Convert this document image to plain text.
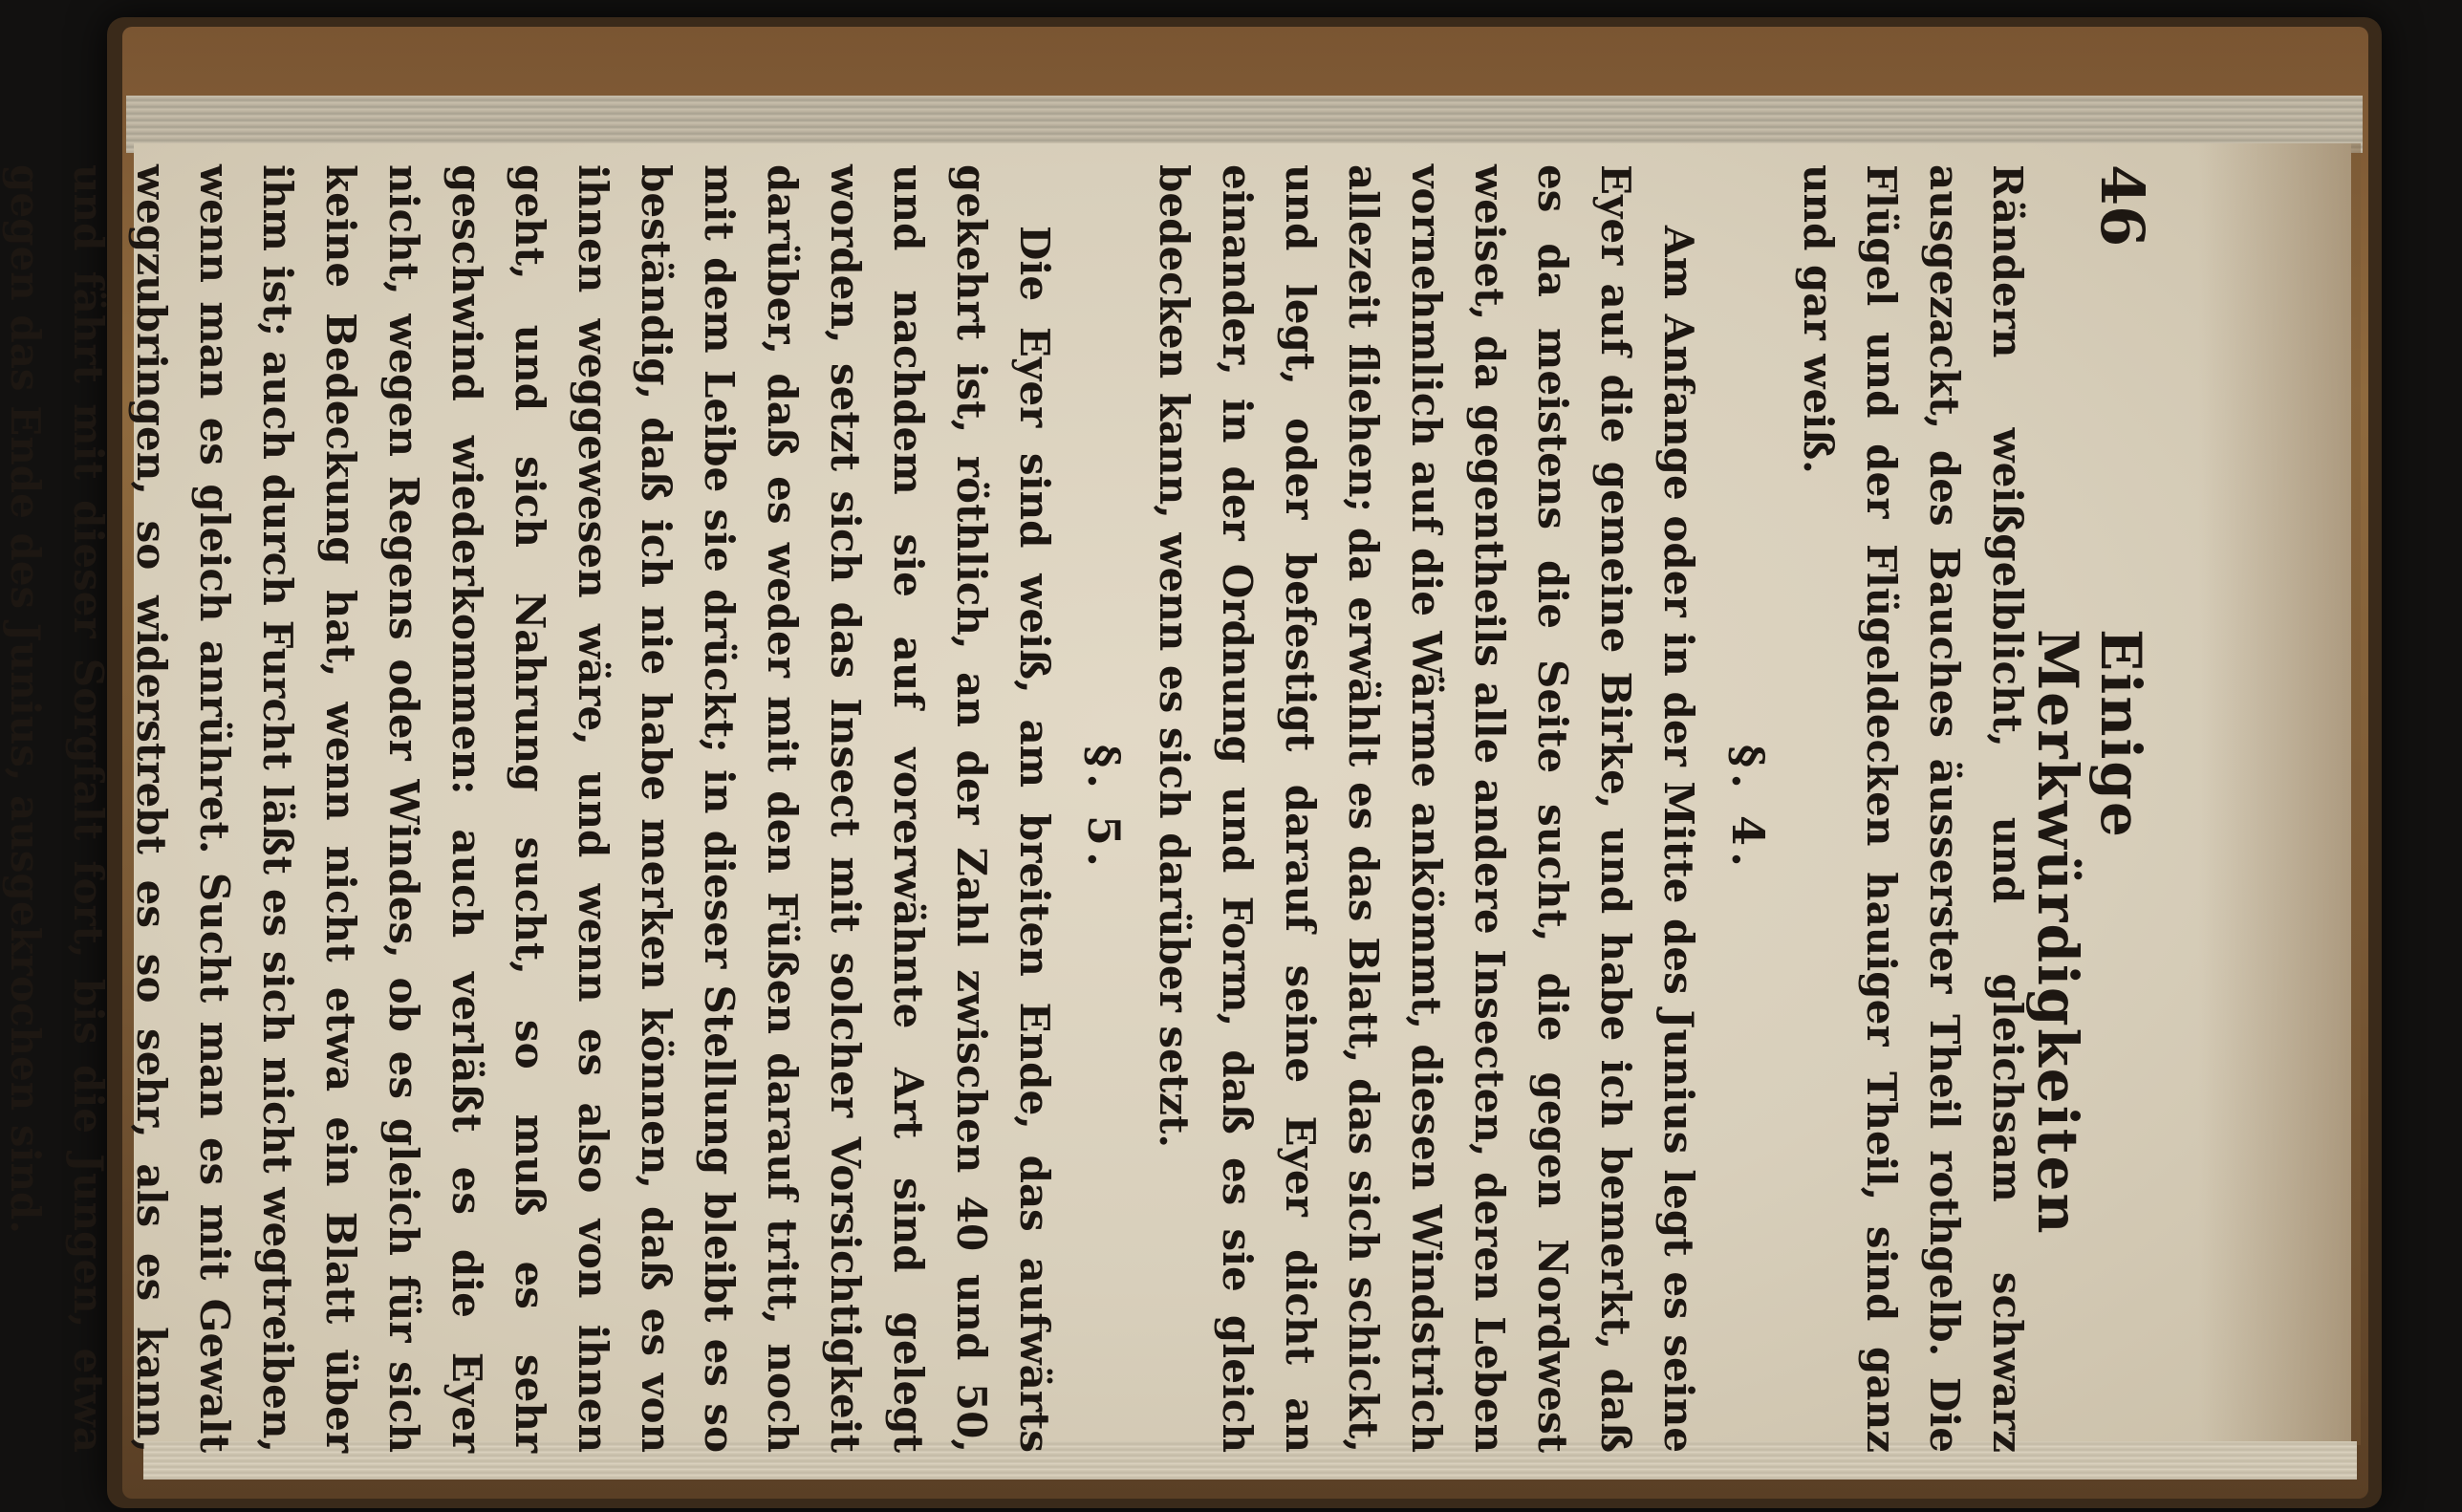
46
Einige Merkwürdigkeiten

Rändern weißgelblicht, und gleichsam schwarz ausgezackt, des Bauches äusserster Theil rothgelb. Die Flügel und der Flügeldecken hauiger Theil, sind ganz und gar weiß.

§. 4.

Am Anfange oder in der Mitte des Junius legt es seine Eyer auf die gemeine Birke, und habe ich bemerkt, daß es da meistens die Seite sucht, die gegen Nordwest weiset, da gegentheils alle andere Insecten, deren Leben vornehmlich auf die Wärme ankömmt, diesen Windstrich allezeit fliehen; da erwählt es das Blatt, das sich schickt, und legt, oder befestigt darauf seine Eyer dicht an einander, in der Ordnung und Form, daß es sie gleich bedecken kann, wenn es sich darüber setzt.

§. 5.

Die Eyer sind weiß, am breiten Ende, das aufwärts gekehrt ist, röthlich, an der Zahl zwischen 40 und 50, und nachdem sie auf vorerwähnte Art sind gelegt worden, setzt sich das Insect mit solcher Vorsichtigkeit darüber, daß es weder mit den Füßen darauf tritt, noch mit dem Leibe sie drückt; in dieser Stellung bleibt es so beständig, daß ich nie habe merken können, daß es von ihnen weggewesen wäre, und wenn es also von ihnen geht, und sich Nahrung sucht, so muß es sehr geschwind wiederkommen: auch verläßt es die Eyer nicht, wegen Regens oder Windes, ob es gleich für sich keine Bedeckung hat, wenn nicht etwa ein Blatt über ihm ist; auch durch Furcht läßt es sich nicht wegtreiben, wenn man es gleich anrühret. Sucht man es mit Gewalt wegzubringen, so widerstrebt es so sehr, als es kann, und fährt mit dieser Sorgfalt fort, bis die Jungen, etwa gegen das Ende des Junius, ausgekrochen sind.
